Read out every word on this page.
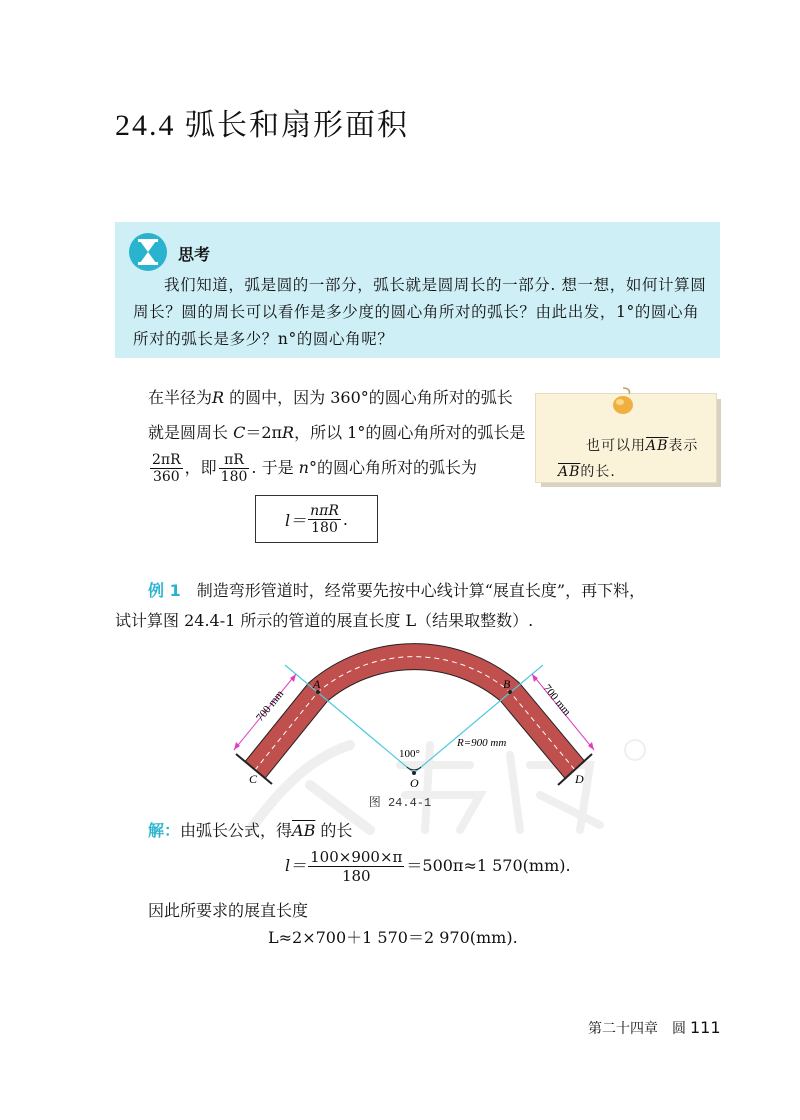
24.4 弧长和扇形面积
思考
我们知道，弧是圆的一部分，弧长就是圆周长的一部分. 想一想，如何计算圆周长？圆的周长可以看作是多少度的圆心角所对的弧长？由此出发，1°的圆心角所对的弧长是多少？n°的圆心角呢？
在半径为R 的圆中，因为 360°的圆心角所对的弧长就是圆周长 C＝2πR，所以 1°的圆心角所对的弧长是
$\frac{2\pi R}{360}$ ，即 $\frac{\pi R}{180}$ . 于是 n°的圆心角所对的弧长为
$l= \frac{\text{nπR}}{180}$ .
也可以用$\overline{AB}$表示$\overline{AB}$的长.
例 1　 制造弯形管道时，经常要先按中心线计算“展直长度”，再下料，
试计算图 24.4-1 所示的管道的展直长度 L（结果取整数）.
700 mm	700 mm
A	B
C	D
O
100°
R=900 mm
图 24.4-1
解：由弧长公式，得$\overline{AB}$ 的长
$l= \frac{100\times 900\times\pi}{180} =500\pi\approx 1$ 570(mm).
因此所要求的展直长度
L≈2×700＋1 570＝2 970(mm).
第二十四章　圆 111
